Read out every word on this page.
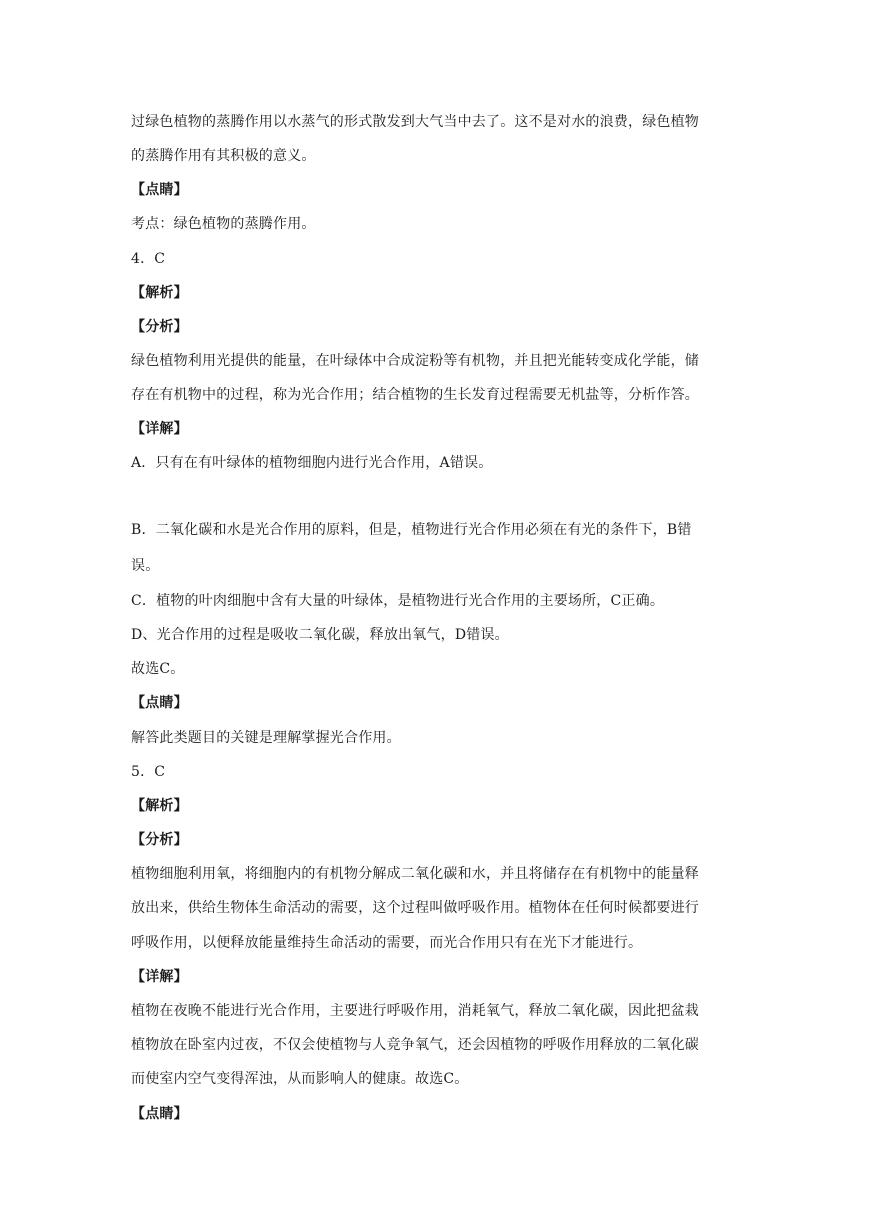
过绿色植物的蒸腾作用以水蒸气的形式散发到大气当中去了。这不是对水的浪费，绿色植物
的蒸腾作用有其积极的意义。
【点睛】
考点：绿色植物的蒸腾作用。
4．C
【解析】
【分析】
绿色植物利用光提供的能量，在叶绿体中合成淀粉等有机物，并且把光能转变成化学能，储
存在有机物中的过程，称为光合作用；结合植物的生长发育过程需要无机盐等，分析作答。
【详解】
A．只有在有叶绿体的植物细胞内进行光合作用，A错误。
B．二氧化碳和水是光合作用的原料，但是，植物进行光合作用必须在有光的条件下，B错
误。
C．植物的叶肉细胞中含有大量的叶绿体，是植物进行光合作用的主要场所，C正确。
D、光合作用的过程是吸收二氧化碳，释放出氧气，D错误。
故选C。
【点睛】
解答此类题目的关键是理解掌握光合作用。
5．C
【解析】
【分析】
植物细胞利用氧，将细胞内的有机物分解成二氧化碳和水，并且将储存在有机物中的能量释
放出来，供给生物体生命活动的需要，这个过程叫做呼吸作用。植物体在任何时候都要进行
呼吸作用，以便释放能量维持生命活动的需要，而光合作用只有在光下才能进行。
【详解】
植物在夜晚不能进行光合作用，主要进行呼吸作用，消耗氧气，释放二氧化碳，因此把盆栽
植物放在卧室内过夜，不仅会使植物与人竞争氧气，还会因植物的呼吸作用释放的二氧化碳
而使室内空气变得浑浊，从而影响人的健康。故选C。
【点睛】
